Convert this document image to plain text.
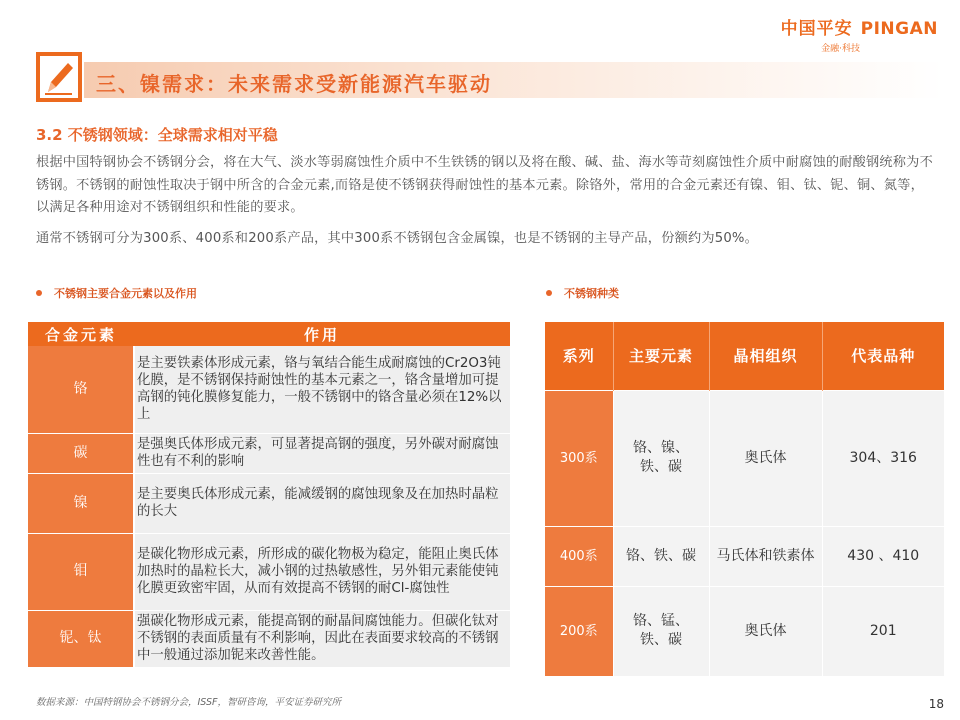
中国平安 PINGAN
金融·科技
三、镍需求：未来需求受新能源汽车驱动
3.2 不锈钢领域：全球需求相对平稳

根据中国特钢协会不锈钢分会，将在大气、淡水等弱腐蚀性介质中不生铁锈的钢以及将在酸、碱、盐、海水等苛刻腐蚀性介质中耐腐蚀的耐酸钢统称为不锈钢。不锈钢的耐蚀性取决于钢中所含的合金元素,而铬是使不锈钢获得耐蚀性的基本元素。除铬外，常用的合金元素还有镍、钼、钛、铌、铜、氮等，以满足各种用途对不锈钢组织和性能的要求。

通常不锈钢可分为300系、400系和200系产品，其中300系不锈钢包含金属镍，也是不锈钢的主导产品，份额约为50%。

不锈钢主要合金元素以及作用	不锈钢种类
合金元素	作用
铬	是主要铁素体形成元素，铬与氧结合能生成耐腐蚀的Cr2O3钝化膜，是不锈钢保持耐蚀性的基本元素之一，铬含量增加可提高钢的钝化膜修复能力，一般不锈钢中的铬含量必须在12%以上
碳	是强奥氏体形成元素，可显著提高钢的强度，另外碳对耐腐蚀性也有不利的影响
镍	是主要奥氏体形成元素，能减缓钢的腐蚀现象及在加热时晶粒的长大
钼	是碳化物形成元素，所形成的碳化物极为稳定，能阻止奥氏体加热时的晶粒长大，减小钢的过热敏感性，另外钼元素能使钝化膜更致密牢固，从而有效提高不锈钢的耐Cl-腐蚀性
铌、钛	强碳化物形成元素，能提高钢的耐晶间腐蚀能力。但碳化钛对不锈钢的表面质量有不利影响，因此在表面要求较高的不锈钢中一般通过添加铌来改善性能。
系列	主要元素	晶相组织	代表品种
300系	铬、镍、铁、碳	奥氏体	304、316
400系	铬、铁、碳	马氏体和铁素体	430 、410
200系	铬、锰、铁、碳	奥氏体	201
数据来源：中国特钢协会不锈钢分会，ISSF，智研咨询，平安证券研究所	18
